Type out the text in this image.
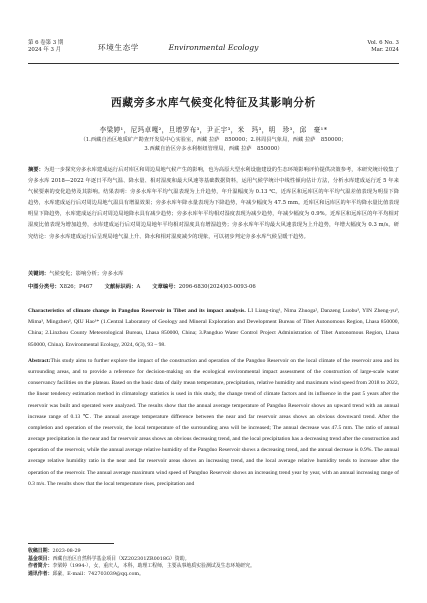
第 6 卷第 3 期
2024 年 3 月	环境生态学	Environmental Ecology	Vol. 6 No. 3
Mar. 2024
西藏旁多水库气候变化特征及其影响分析
李梁婷¹，尼玛卓嘎²，旦增罗布³，尹正宇³，米　玛³，明　珍³，邱　豪¹*
（1.西藏自治区地质矿产勘查开发局中心实验室，西藏 拉萨　850000；2.林周县气象局，西藏 拉萨　850000；
3.西藏自治区旁多水利枢纽管理局，西藏 拉萨　850000）
摘要：为进一步探究旁多水库建成运行后对库区和周边局地气候产生的影响，也为高原大型水利设施建设的生态环境影响评价提供决策参考，本研究统计收集了旁多水库 2018—2022 年逐日平均气温、降水量、相对湿度和最大风速等基础数据资料，运用气候学统计中线性倾向估计方法，分析水库建成运行近 5 年来气候要素的变化趋势及其影响。结果表明：旁多水库年平均气温表现为上升趋势，年升温幅度为 0.13 ℃。近库区和远库区的年平均气温差值表现为明显下降趋势，水库建成运行后对周边局地气温具有增温效果；旁多水库年降水量表现为下降趋势，年减少幅度为 47.5 mm。近库区和远库区的年平均降水量比值表现明显下降趋势，水库建成运行后对周边局地降水具有减少趋势；旁多水库年平均相对湿度表现为减少趋势，年减少幅度为 0.9%。近库区和远库区的年平均相对湿度比值表现为增加趋势，水库建成运行后对周边局地年平均相对湿度具有增湿趋势；旁多水库年平均最大风速表现为上升趋势，年增大幅度为 0.3 m/s。研究结论：旁多水库建成运行后呈现局地气温上升、降水和相对湿度减少的现象，可以初步判定旁多水库气候呈暖干趋势。
关键词：气候变化；影响分析；旁多水库
中图分类号：X826；P467 文献标识码：A 文章编号：2096-6830(2024)03-0093-06
Characteristics of climate change in Pangduo Reservoir in Tibet and its impact analysis. LI Liang-ting¹, Nima Zhuoga², Danzeng Luobu³, YIN Zheng-yu³, Mima³, Mingzhen³, QIU Hao¹* (1.Central Laboratory of Geology and Mineral Exploration and Development Bureau of Tibet Autonomous Region, Lhasa 850000, China; 2.Linzhou County Meteorological Bureau, Lhasa 850000, China; 3.Pangduo Water Control Project Administration of Tibet Autonomous Region, Lhasa 850000, China). Environmental Ecology, 2024, 6(3), 93 – 98.
Abstract:This study aims to further explore the impact of the construction and operation of the Pangduo Reservoir on the local climate of the reservoir area and its surrounding areas, and to provide a reference for decision-making on the ecological environmental impact assessment of the construction of large-scale water conservancy facilities on the plateau. Based on the basic data of daily mean temperature, precipitation, relative humidity and maximum wind speed from 2018 to 2022, the linear tendency estimation method in climatology statistics is used in this study, the change trend of climate factors and its influence in the past 5 years after the reservoir was built and operated were analyzed. The results show that the annual average temperature of Pangduo Reservoir shows an upward trend with an annual increase range of 0.13 ℃. The annual average temperature difference between the near and far reservoir areas shows an obvious downward trend. After the completion and operation of the reservoir, the local temperature of the surrounding area will be increased; The annual decrease was 47.5 mm. The ratio of annual average precipitation in the near and far reservoir areas shows an obvious decreasing trend, and the local precipitation has a decreasing trend after the construction and operation of the reservoir, while the annual average relative humidity of the Pangduo Reservoir shows a decreasing trend, and the annual decrease is 0.9%. The annual average relative humidity ratio in the near and far reservoir areas shows an increasing trend, and the local average relative humidity tends to increase after the operation of the reservoir. The annual average maximum wind speed of Pangduo Reservoir shows an increasing trend year by year, with an annual increasing range of 0.3 m/s. The results show that the local temperature rises, precipitation and
收稿日期：2023-08-29
基金项目：西藏自治区自然科学基金项目（XZ202301ZR0018G）资助。
作者简介：李梁婷（1994-），女，重庆人，本科，助理工程师，主要从事地质实验测试及生态环境研究。
通讯作者：邱豪，E-mail：742703039@qq.com。
